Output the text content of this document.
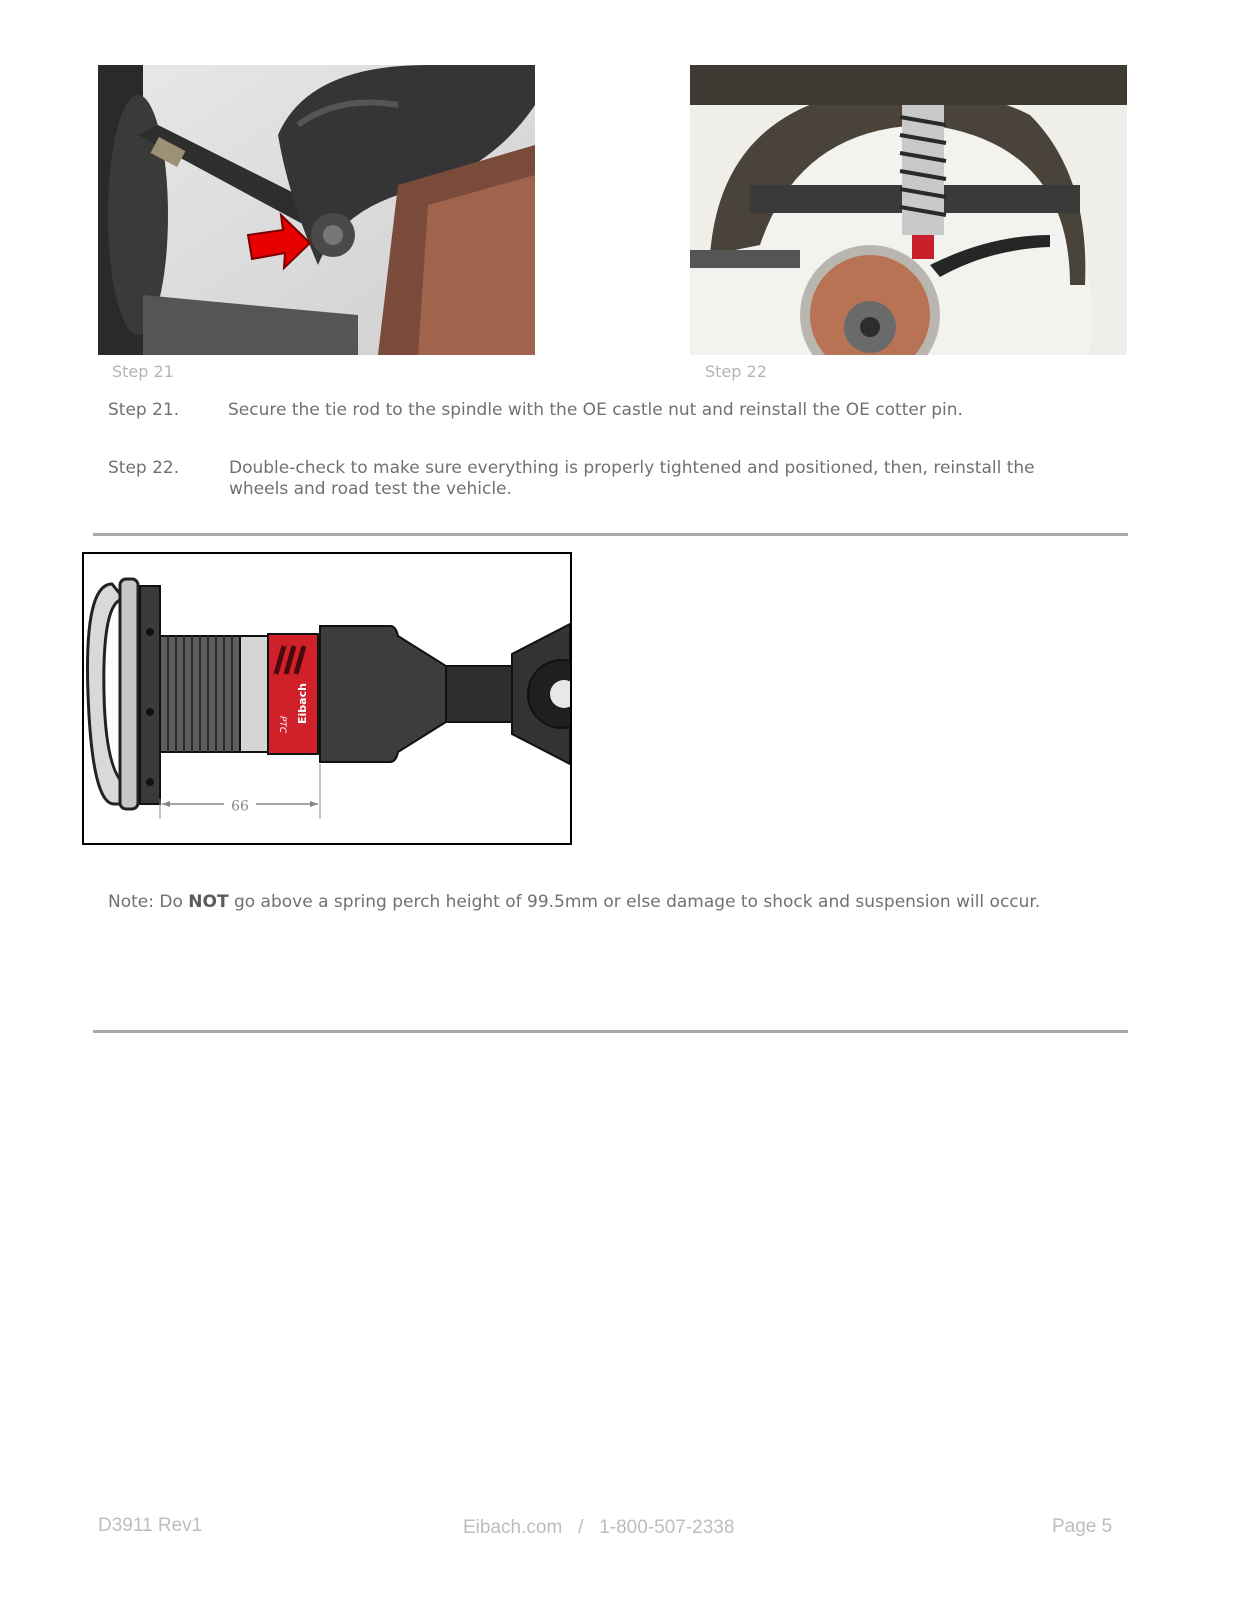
Step 21	Step 22
Step 21.	Secure the tie rod to the spindle with the OE castle nut and reinstall the OE cotter pin.
Step 22.	Double-check to make sure everything is properly tightened and positioned, then, reinstall the wheels and road test the vehicle.
Eibach
PTC
99
Note: Do NOT go above a spring perch height of 99.5mm or else damage to shock and suspension will occur.
D3911 Rev1	Eibach.com   /   1-800-507-2338	Page 5
